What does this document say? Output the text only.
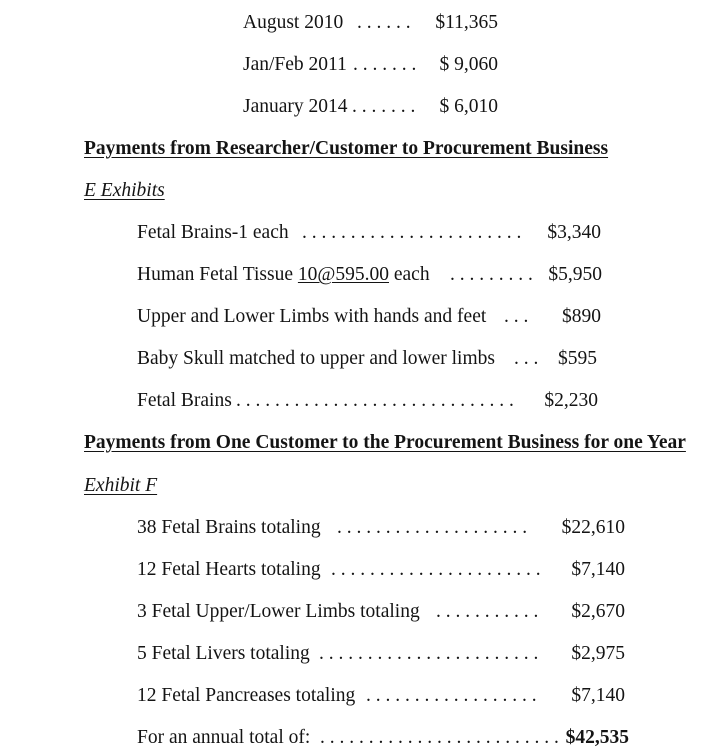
August 2010 . . . . . . $11,365
Jan/Feb 2011 . . . . . . . $ 9,060
January 2014 . . . . . . . $ 6,010
Payments from Researcher/Customer to Procurement Business
E Exhibits
Fetal Brains-1 each . . . . . . . . . . . . . . . . . . . . . . . $3,340
Human Fetal Tissue 10@595.00 each . . . . . . . . . $5,950
Upper and Lower Limbs with hands and feet . . . $890
Baby Skull matched to upper and lower limbs . . . $595
Fetal Brains . . . . . . . . . . . . . . . . . . . . . . . . . . . . . $2,230
Payments from One Customer to the Procurement Business for one Year
Exhibit F
38 Fetal Brains totaling . . . . . . . . . . . . . . . . . . . . $22,610
12 Fetal Hearts totaling . . . . . . . . . . . . . . . . . . . . . . $7,140
3 Fetal Upper/Lower Limbs totaling . . . . . . . . . . . $2,670
5 Fetal Livers totaling . . . . . . . . . . . . . . . . . . . . . . . $2,975
12 Fetal Pancreases totaling . . . . . . . . . . . . . . . . . . $7,140
For an annual total of: . . . . . . . . . . . . . . . . . . . . . . . . . $42,535
